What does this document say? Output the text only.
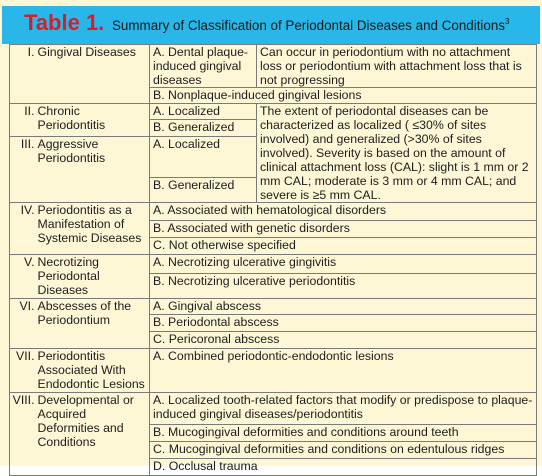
Table 1. Summary of Classification of Periodontal Diseases and Conditions$^3$
I.	Gingival Diseases	A. Dental plaque-induced gingival diseases	Can occur in periodontium with no attachment loss or periodontium with attachment loss that is not progressing
		B. Nonplaque-induced gingival lesions	
II.	Chronic Periodontitis	A. Localized	The extent of periodontal diseases can be characterized as localized ( ≤30% of sites involved) and generalized (>30% of sites involved). Severity is based on the amount of clinical attachment loss (CAL): slight is 1 mm or 2 mm CAL; moderate is 3 mm or 4 mm CAL; and severe is ≥5 mm CAL.
		B. Generalized	
III.	Aggressive Periodontitis	A. Localized	
		B. Generalized	
IV.	Periodontitis as a Manifestation of Systemic Diseases	A. Associated with hematological disorders	
		B. Associated with genetic disorders	
		C. Not otherwise specified	
V.	Necrotizing Periodontal Diseases	A. Necrotizing ulcerative gingivitis	
		B. Necrotizing ulcerative periodontitis	
VI.	Abscesses of the Periodontium	A. Gingival abscess	
		B. Periodontal abscess	
		C. Pericoronal abscess	
VII.	Periodontitis Associated With Endodontic Lesions	A. Combined periodontic-endodontic lesions	
VIII.	Developmental or Acquired Deformities and Conditions	A. Localized tooth-related factors that modify or predispose to plaque-induced gingival diseases/periodontitis	
		B. Mucogingival deformities and conditions around teeth	
		C. Mucogingival deformities and conditions on edentulous ridges	
		D. Occlusal trauma	
